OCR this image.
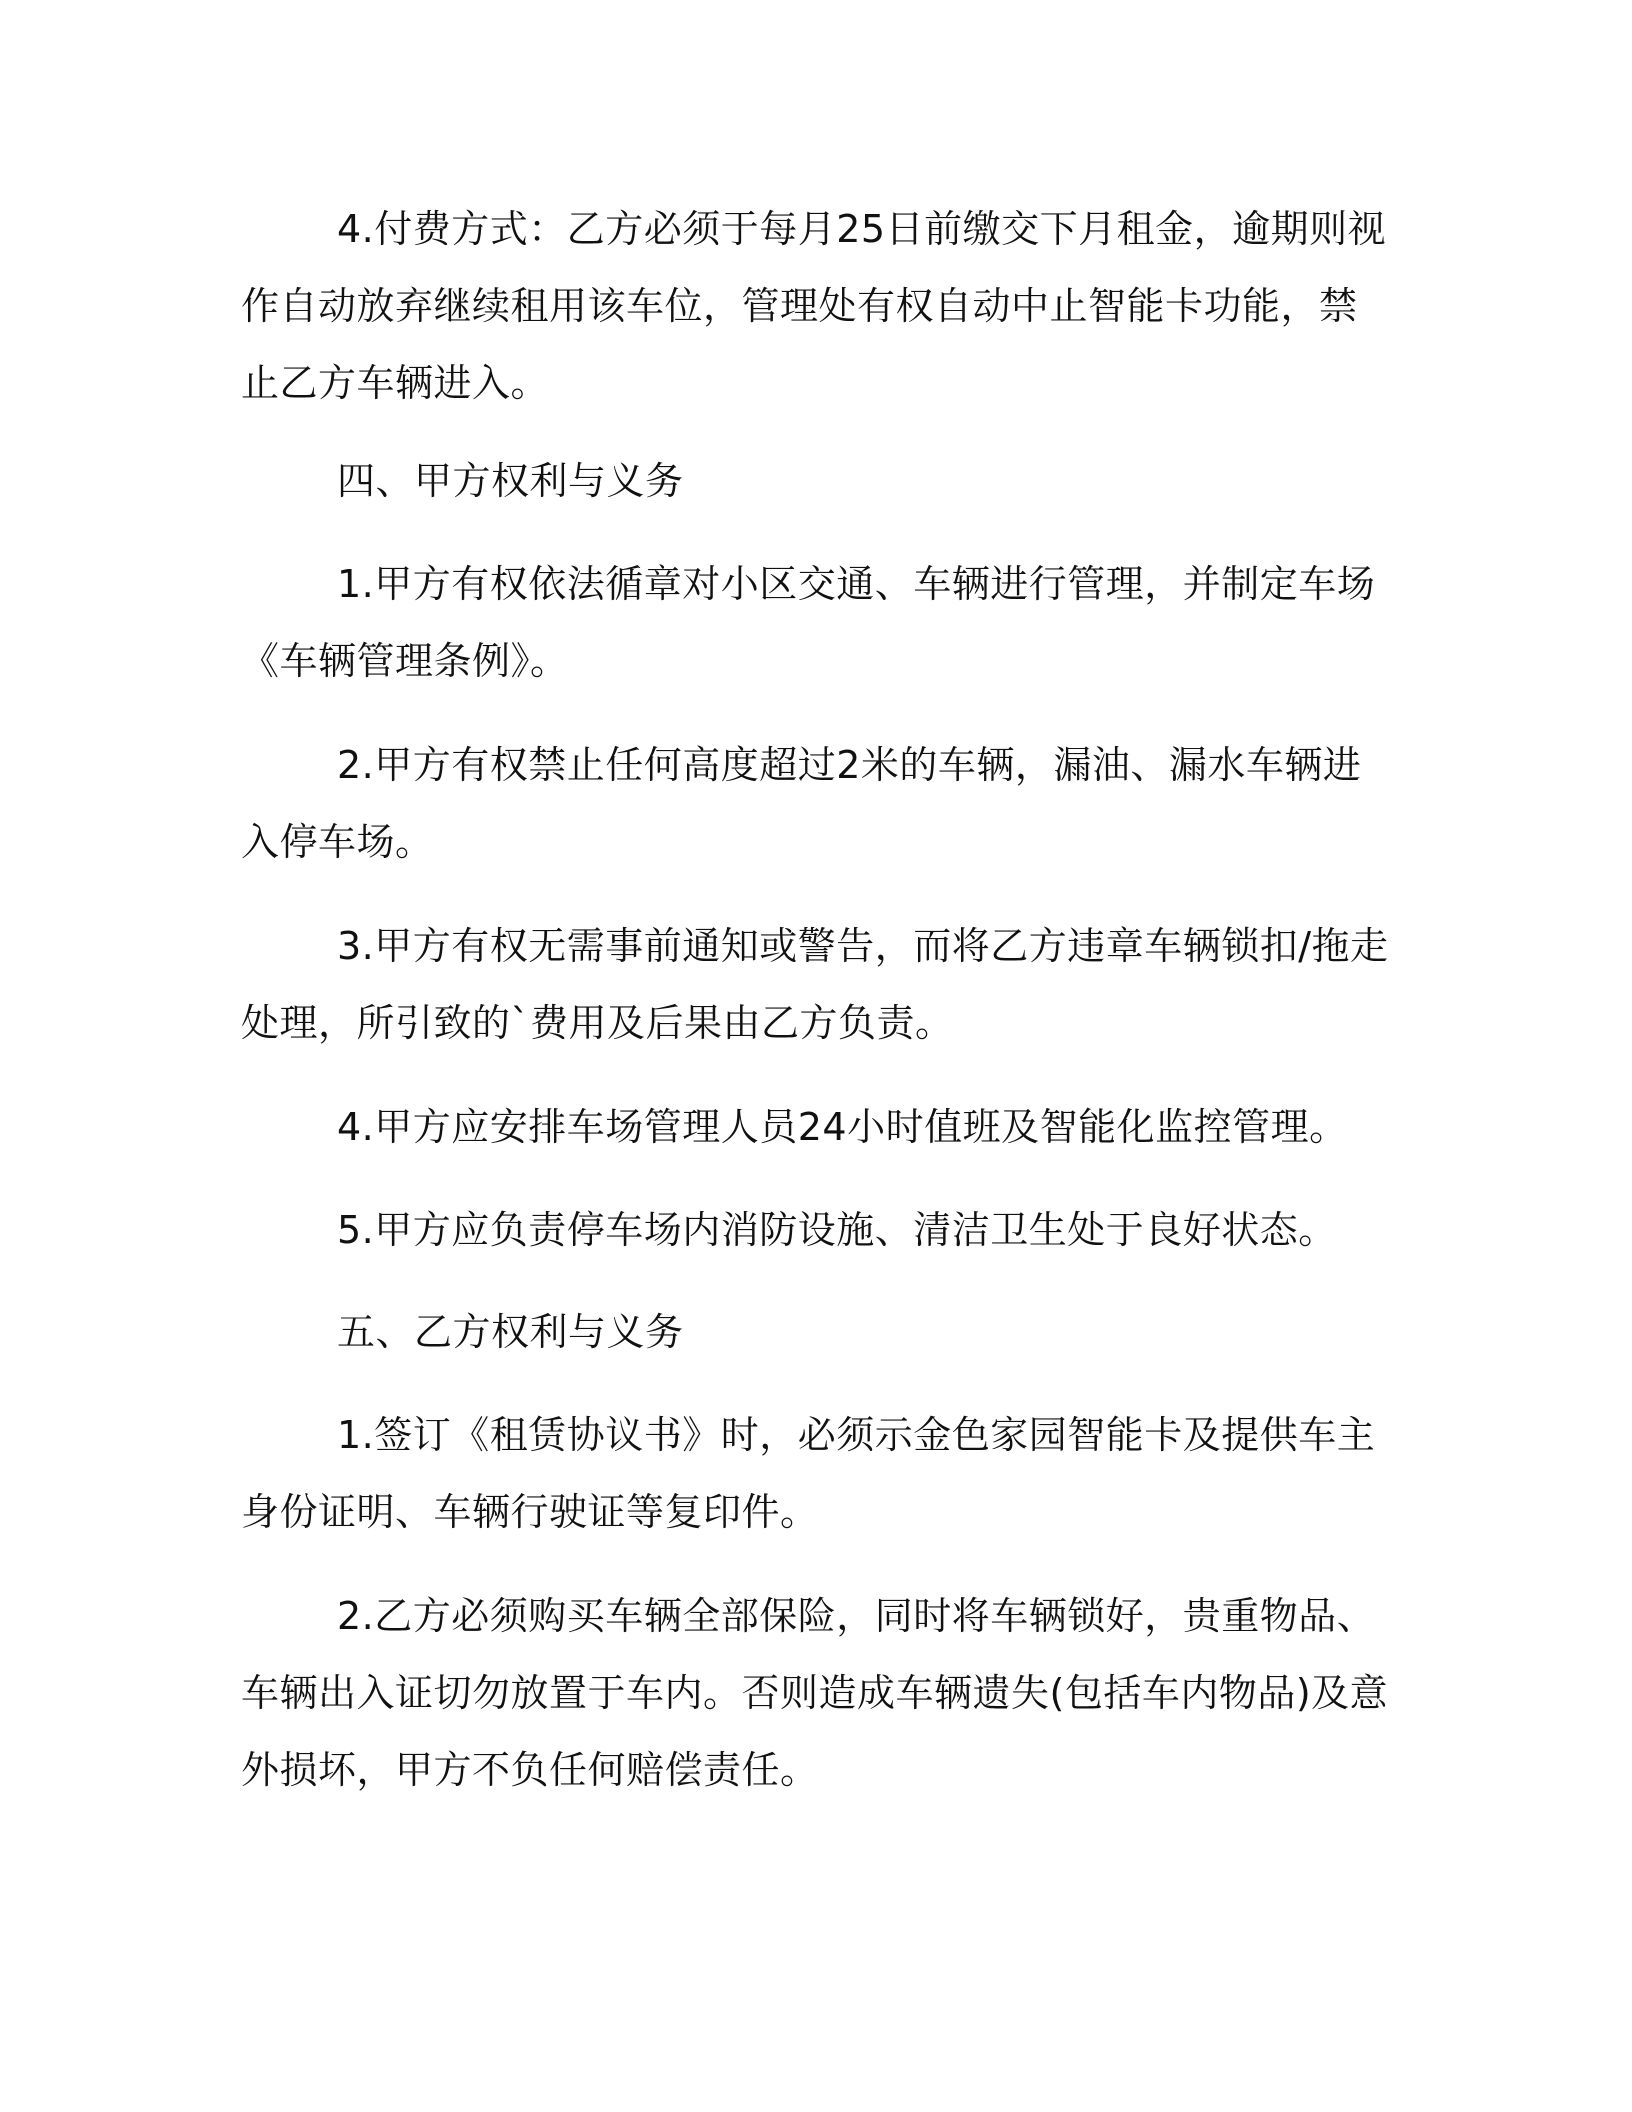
4.付费方式：乙方必须于每月25日前缴交下月租金，逾期则视作自动放弃继续租用该车位，管理处有权自动中止智能卡功能，禁止乙方车辆进入。

四、甲方权利与义务

1.甲方有权依法循章对小区交通、车辆进行管理，并制定车场《车辆管理条例》。

2.甲方有权禁止任何高度超过2米的车辆，漏油、漏水车辆进入停车场。

3.甲方有权无需事前通知或警告，而将乙方违章车辆锁扣/拖走处理，所引致的`费用及后果由乙方负责。

4.甲方应安排车场管理人员24小时值班及智能化监控管理。

5.甲方应负责停车场内消防设施、清洁卫生处于良好状态。

五、乙方权利与义务

1.签订《租赁协议书》时，必须示金色家园智能卡及提供车主身份证明、车辆行驶证等复印件。

2.乙方必须购买车辆全部保险，同时将车辆锁好，贵重物品、车辆出入证切勿放置于车内。否则造成车辆遗失(包括车内物品)及意外损坏，甲方不负任何赔偿责任。
